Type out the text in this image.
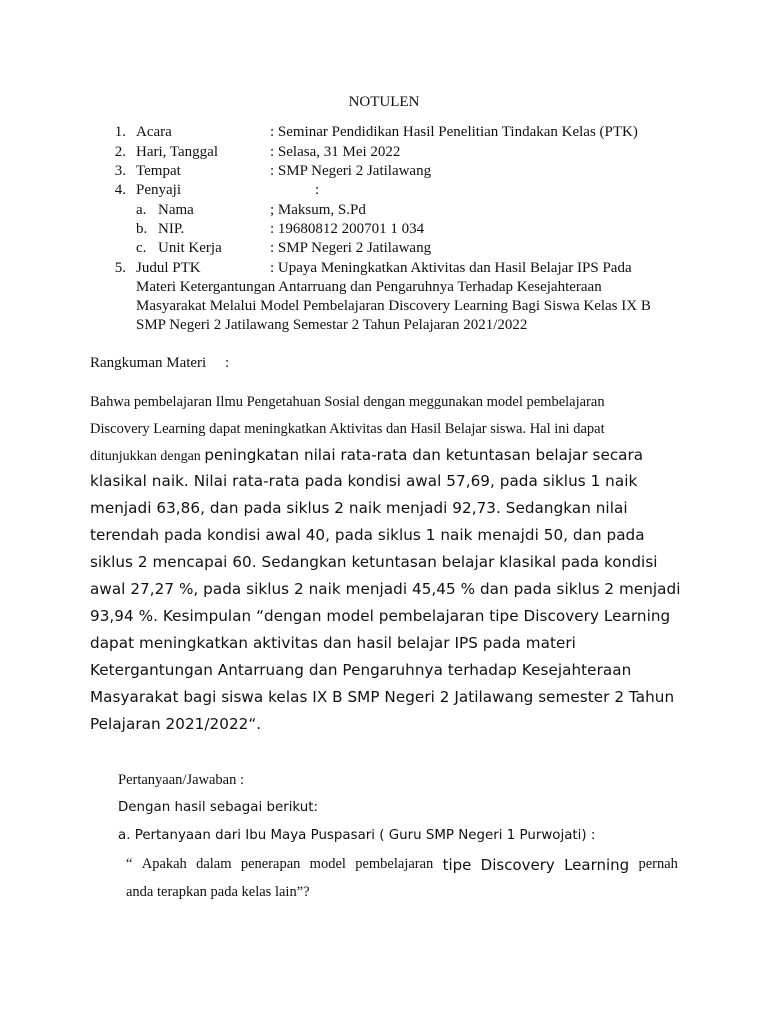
NOTULEN
1. Acara	: Seminar Pendidikan Hasil Penelitian Tindakan Kelas (PTK)
2. Hari, Tanggal	: Selasa, 31 Mei 2022
3. Tempat	: SMP Negeri 2 Jatilawang
4. Penyaji	:
a. Nama	; Maksum, S.Pd
b. NIP.	: 19680812 200701 1 034
c. Unit Kerja	: SMP Negeri 2 Jatilawang
5. Judul PTK	: Upaya Meningkatkan Aktivitas dan Hasil Belajar IPS Pada
Materi Ketergantungan Antarruang dan Pengaruhnya Terhadap Kesejahteraan
Masyarakat Melalui Model Pembelajaran Discovery Learning Bagi Siswa Kelas IX B
SMP Negeri 2 Jatilawang Semestar 2 Tahun Pelajaran 2021/2022
Rangkuman Materi     :
Bahwa pembelajaran Ilmu Pengetahuan Sosial dengan meggunakan model pembelajaran
Discovery Learning dapat meningkatkan Aktivitas dan Hasil Belajar siswa. Hal ini dapat
ditunjukkan dengan peningkatan nilai rata-rata dan ketuntasan belajar secara
klasikal naik. Nilai rata-rata pada kondisi awal 57,69, pada siklus 1 naik
menjadi 63,86, dan pada siklus 2 naik menjadi 92,73. Sedangkan nilai
terendah pada kondisi awal 40, pada siklus 1 naik menajdi 50, dan pada
siklus 2 mencapai 60. Sedangkan ketuntasan belajar klasikal pada kondisi
awal 27,27 %, pada siklus 2 naik menjadi 45,45 % dan pada siklus 2 menjadi
93,94 %. Kesimpulan “dengan model pembelajaran tipe Discovery Learning
dapat meningkatkan aktivitas dan hasil belajar IPS pada materi
Ketergantungan Antarruang dan Pengaruhnya terhadap Kesejahteraan
Masyarakat bagi siswa kelas IX B SMP Negeri 2 Jatilawang semester 2 Tahun
Pelajaran 2021/2022“.
Pertanyaan/Jawaban :
Dengan hasil sebagai berikut:
a. Pertanyaan dari Ibu Maya Puspasari ( Guru SMP Negeri 1 Purwojati) :
“ Apakah dalam penerapan model pembelajaran tipe Discovery Learning pernah
anda terapkan pada kelas lain”?
